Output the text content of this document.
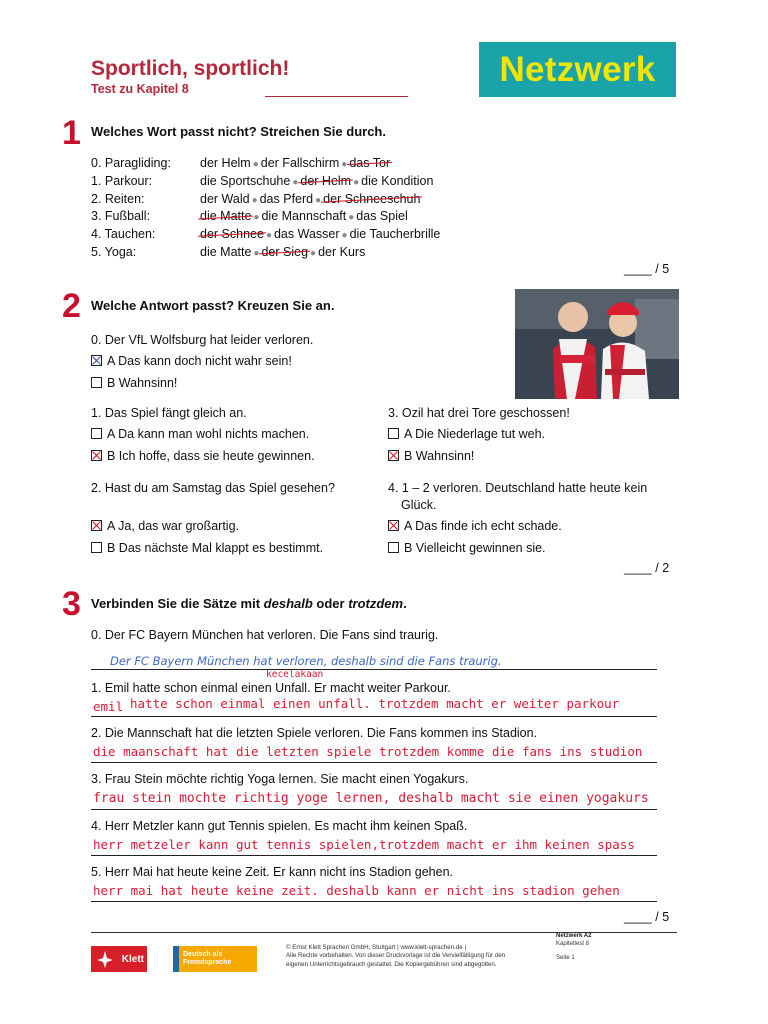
Sportlich, sportlich!
Test zu Kapitel 8
Netzwerk
1 Welches Wort passt nicht? Streichen Sie durch.
0. Paragliding: der Helm ● der Fallschirm ● das Tor
1. Parkour:	die Sportschuhe ● der Helm ● die Kondition
2. Reiten:	der Wald ● das Pferd ● der Schneeschuh
3. Fußball:	die Matte ● die Mannschaft ● das Spiel
4. Tauchen:	der Schnee ● das Wasser ● die Taucherbrille
5. Yoga:	die Matte ● der Sieg ● der Kurs
____ / 5
2 Welche Antwort passt? Kreuzen Sie an.
0. Der VfL Wolfsburg hat leider verloren.
A Das kann doch nicht wahr sein!
B Wahnsinn!
1. Das Spiel fängt gleich an.
A Da kann man wohl nichts machen.
B Ich hoffe, dass sie heute gewinnen.
2. Hast du am Samstag das Spiel gesehen?
A Ja, das war großartig.
B Das nächste Mal klappt es bestimmt.
3. Ozil hat drei Tore geschossen!
A Die Niederlage tut weh.
B Wahnsinn!
4. 1 – 2 verloren. Deutschland hatte heute kein
Glück.
A Das finde ich echt schade.
B Vielleicht gewinnen sie.
____ / 2
3 Verbinden Sie die Sätze mit deshalb oder trotzdem.
0. Der FC Bayern München hat verloren. Die Fans sind traurig.
Der FC Bayern München hat verloren, deshalb sind die Fans traurig.
kecelakaan
1. Emil hatte schon einmal einen Unfall. Er macht weiter Parkour.
emil hatte schon einmal einen unfall. trotzdem macht er weiter parkour
2. Die Mannschaft hat die letzten Spiele verloren. Die Fans kommen ins Stadion.
die maanschaft hat die letzten spiele trotzdem komme die fans ins studion
3. Frau Stein möchte richtig Yoga lernen. Sie macht einen Yogakurs.
frau stein mochte richtig yoge lernen, deshalb macht sie einen yogakurs
4. Herr Metzler kann gut Tennis spielen. Es macht ihm keinen Spaß.
herr metzeler kann gut tennis spielen,trotzdem macht er ihm keinen spass
5. Herr Mai hat heute keine Zeit. Er kann nicht ins Stadion gehen.
herr mai hat heute keine zeit. deshalb kann er nicht ins stadion gehen
____ / 5
Klett	Deutsch als Fremdsprache
© Ernst Klett Sprachen GmbH, Stuttgart | www.klett-sprachen.de |
Alle Rechte vorbehalten. Von dieser Druckvorlage ist die Vervielfältigung für den
eigenen Unterrichtsgebrauch gestattet. Die Kopiergebühren sind abgegolten.
Netzwerk A2
Kapiteltest 8
Seite 1
